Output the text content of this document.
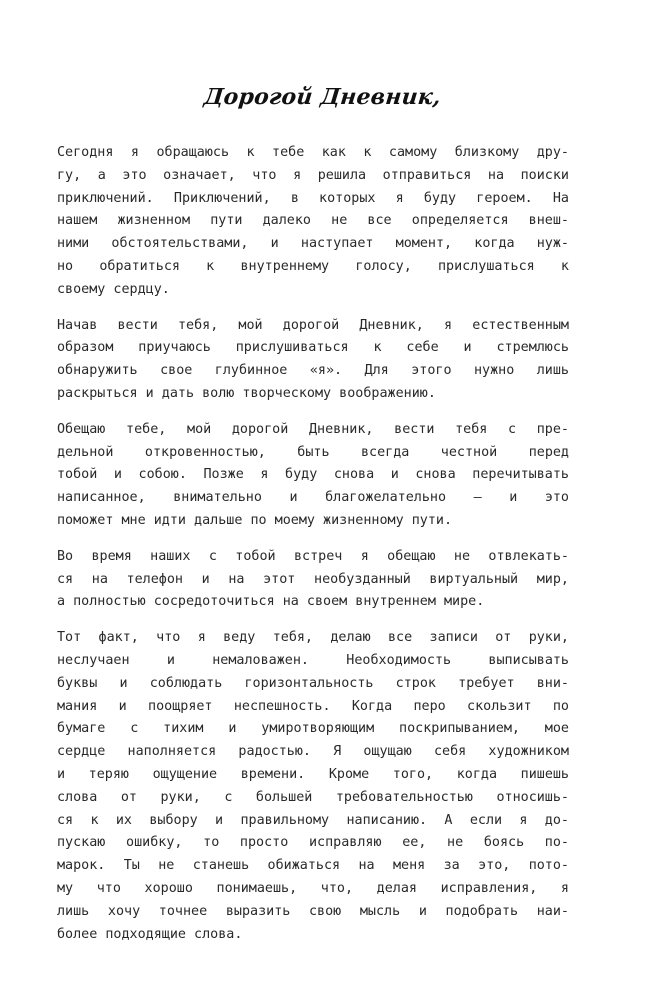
Дорогой Дневник,

Сегодня я обращаюсь к тебе как к самому близкому дру-
гу, а это означает, что я решила отправиться на поиски
приключений. Приключений, в которых я буду героем. На
нашем жизненном пути далеко не все определяется внеш-
ними обстоятельствами, и наступает момент, когда нуж-
но обратиться к внутреннему голосу, прислушаться к
своему сердцу.

Начав вести тебя, мой дорогой Дневник, я естественным
образом приучаюсь прислушиваться к себе и стремлюсь
обнаружить свое глубинное «я». Для этого нужно лишь
раскрыться и дать волю творческому воображению.

Обещаю тебе, мой дорогой Дневник, вести тебя с пре-
дельной откровенностью, быть всегда честной перед
тобой и собою. Позже я буду снова и снова перечитывать
написанное, внимательно и благожелательно — и это
поможет мне идти дальше по моему жизненному пути.

Во время наших с тобой встреч я обещаю не отвлекать-
ся на телефон и на этот необузданный виртуальный мир,
а полностью сосредоточиться на своем внутреннем мире.

Тот факт, что я веду тебя, делаю все записи от руки,
неслучаен и немаловажен. Необходимость выписывать
буквы и соблюдать горизонтальность строк требует вни-
мания и поощряет неспешность. Когда перо скользит по
бумаге с тихим и умиротворяющим поскрипыванием, мое
сердце наполняется радостью. Я ощущаю себя художником
и теряю ощущение времени. Кроме того, когда пишешь
слова от руки, с большей требовательностью относишь-
ся к их выбору и правильному написанию. А если я до-
пускаю ошибку, то просто исправляю ее, не боясь по-
марок. Ты не станешь обижаться на меня за это, пото-
му что хорошо понимаешь, что, делая исправления, я
лишь хочу точнее выразить свою мысль и подобрать наи-
более подходящие слова.
